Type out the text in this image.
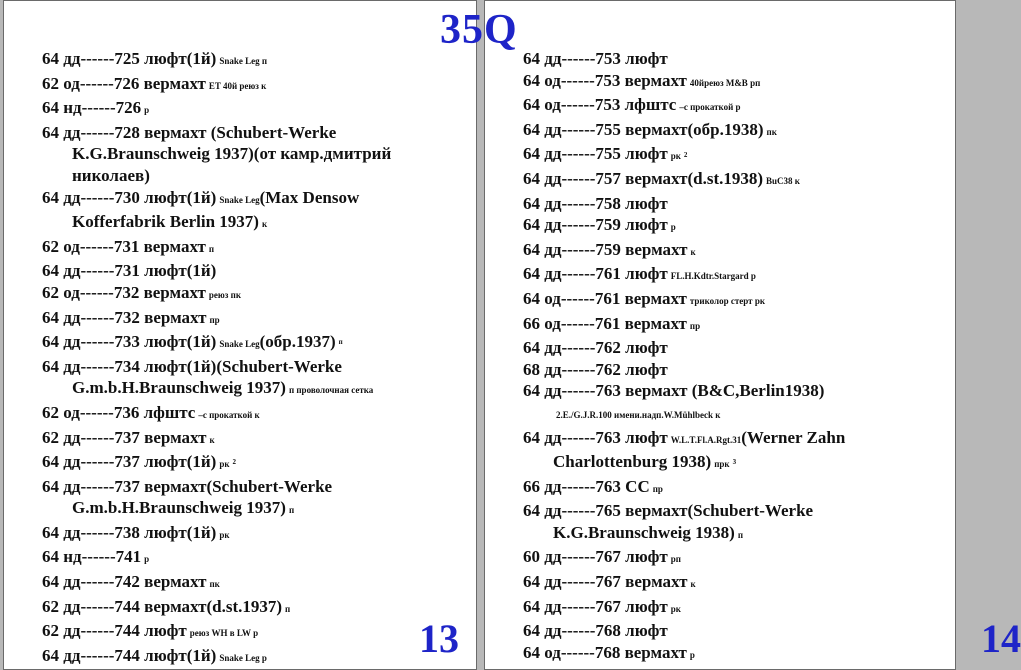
64 дд------725 люфт(1й) Snake Leg п
62 од------726 вермахт ET 40й реюз к
64 нд------726 р
64 дд------728 вермахт (Schubert-Werke
K.G.Braunschweig 1937)(от камр.дмитрий
николаев)
64 дд------730 люфт(1й) Snake Leg(Max Densow
Kofferfabrik Berlin 1937) к
62 од------731 вермахт п
64 дд------731 люфт(1й)
62 од------732 вермахт реюз пк
64 дд------732 вермахт пр
64 дд------733 люфт(1й) Snake Leg(обр.1937) п
64 дд------734 люфт(1й)(Schubert-Werke
G.m.b.H.Braunschweig 1937) п проволочная сетка
62 од------736 лфштс –с прокаткой к
62 дд------737 вермахт к
64 дд------737 люфт(1й) рк 2
64 дд------737 вермахт(Schubert-Werke
G.m.b.H.Braunschweig 1937) п
64 дд------738 люфт(1й) рк
64 нд------741 р
64 дд------742 вермахт пк
62 дд------744 вермахт(d.st.1937) п
62 дд------744 люфт реюз WH в LW р
64 дд------744 люфт(1й) Snake Leg р	13
64 дд------753 люфт
64 од------753 вермахт 40йреюз M&B рп
64 од------753 лфштс –с прокаткой р
64 дд------755 вермахт(обр.1938) пк
64 дд------755 люфт рк 2
64 дд------757 вермахт(d.st.1938) BuC38 к
64 дд------758 люфт
64 дд------759 люфт р
64 дд------759 вермахт к
64 дд------761 люфт FL.H.Kdtr.Stargard р
64 од------761 вермахт триколор стерт рк
66 од------761 вермахт пр
64 дд------762 люфт
68 дд------762 люфт
64 дд------763 вермахт (B&C,Berlin1938)
2.E./G.J.R.100 имени.надп.W.Mühlbeck к
64 дд------763 люфт W.L.T.Fl.A.Rgt.31(Werner Zahn
Charlottenburg 1938) прк 3
66 дд------763 СС пр
64 дд------765 вермахт(Schubert-Werke
K.G.Braunschweig 1938) п
60 дд------767 люфт рп
64 дд------767 вермахт к
64 дд------767 люфт рк
64 дд------768 люфт
64 од------768 вермахт р	14
35Q
